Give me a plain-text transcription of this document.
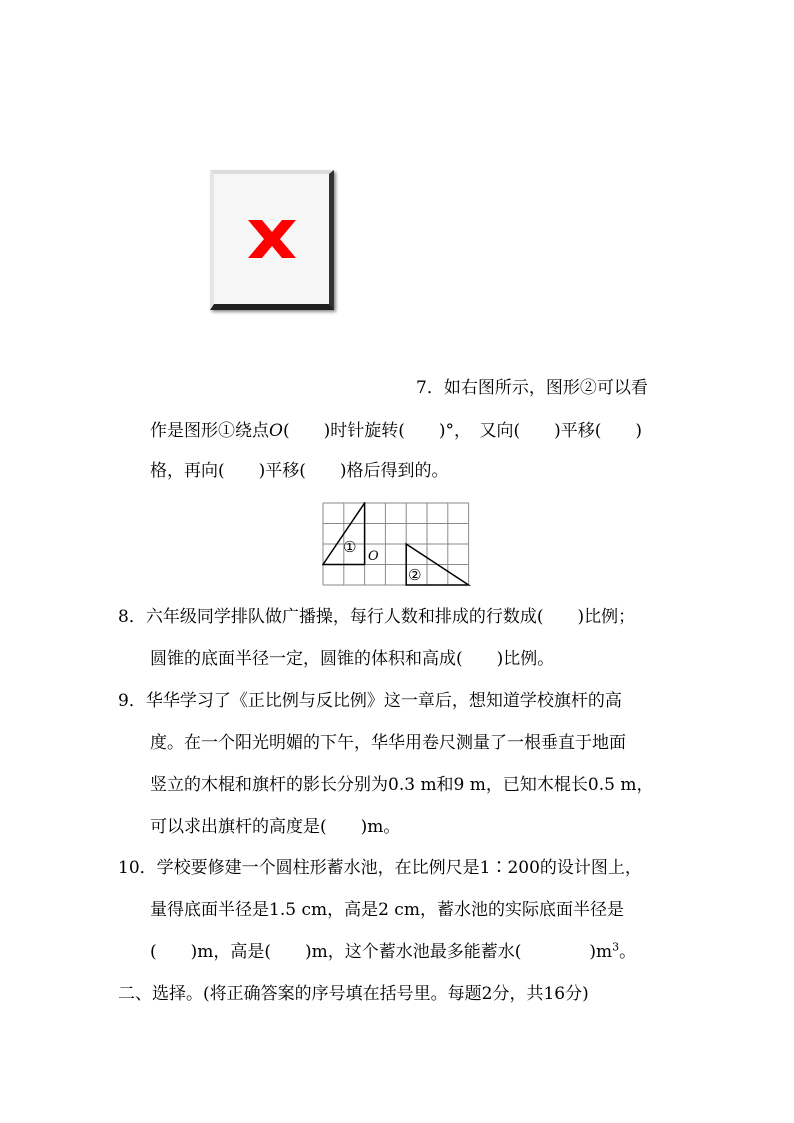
7．如右图所示，图形②可以看
作是图形①绕点O(　　)时针旋转(　　)°，　又向(　　)平移(　　)
格，再向(　　)平移(　　)格后得到的。
O
①
②
8．六年级同学排队做广播操，每行人数和排成的行数成(　　)比例；
圆锥的底面半径一定，圆锥的体积和高成(　　)比例。
9．华华学习了《正比例与反比例》这一章后，想知道学校旗杆的高
度。在一个阳光明媚的下午，华华用卷尺测量了一根垂直于地面
竖立的木棍和旗杆的影长分别为0.3 m和9 m，已知木棍长0.5 m，
可以求出旗杆的高度是(　　)m。
10．学校要修建一个圆柱形蓄水池，在比例尺是1∶200的设计图上，
量得底面半径是1.5 cm，高是2 cm，蓄水池的实际底面半径是
(　　)m，高是(　　)m，这个蓄水池最多能蓄水(　　　　)$m^3$。
二、选择。(将正确答案的序号填在括号里。每题2分，共16分)
